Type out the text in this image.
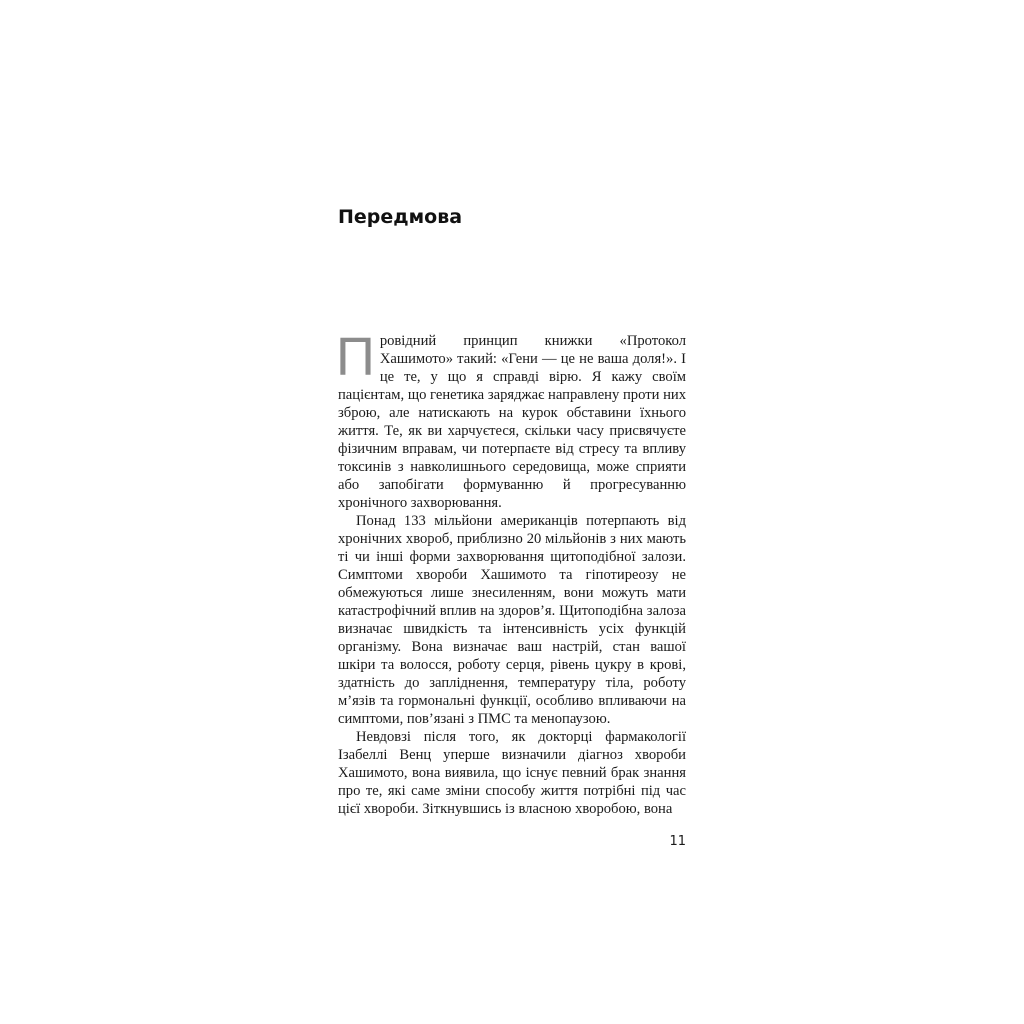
Передмова

Провідний принцип книжки «Протокол Хашимото» такий: «Гени — це не ваша доля!». І це те, у що я справді вірю. Я кажу своїм пацієнтам, що генетика заряджає направлену проти них зброю, але натискають на курок обставини їхнього життя. Те, як ви харчуєтеся, скільки часу присвячуєте фізичним вправам, чи потерпаєте від стресу та впливу токсинів з навколишнього середовища, може сприяти або запобігати формуванню й прогресуванню хронічного захворювання.

Понад 133 мільйони американців потерпають від хронічних хвороб, приблизно 20 мільйонів з них мають ті чи інші форми захворювання щитоподібної залози. Симптоми хвороби Хашимото та гіпотиреозу не обмежуються лише знесиленням, вони можуть мати катастрофічний вплив на здоров’я. Щитоподібна залоза визначає швидкість та інтенсивність усіх функцій організму. Вона визначає ваш настрій, стан вашої шкіри та волосся, роботу серця, рівень цукру в крові, здатність до запліднення, температуру тіла, роботу м’язів та гормональні функції, особливо впливаючи на симптоми, пов’язані з ПМС та менопаузою.

Невдовзі після того, як докторці фармакології Ізабеллі Венц уперше визначили діагноз хвороби Хашимото, вона виявила, що існує певний брак знання про те, які саме зміни способу життя потрібні під час цієї хвороби. Зіткнувшись із власною хворобою, вона

11
